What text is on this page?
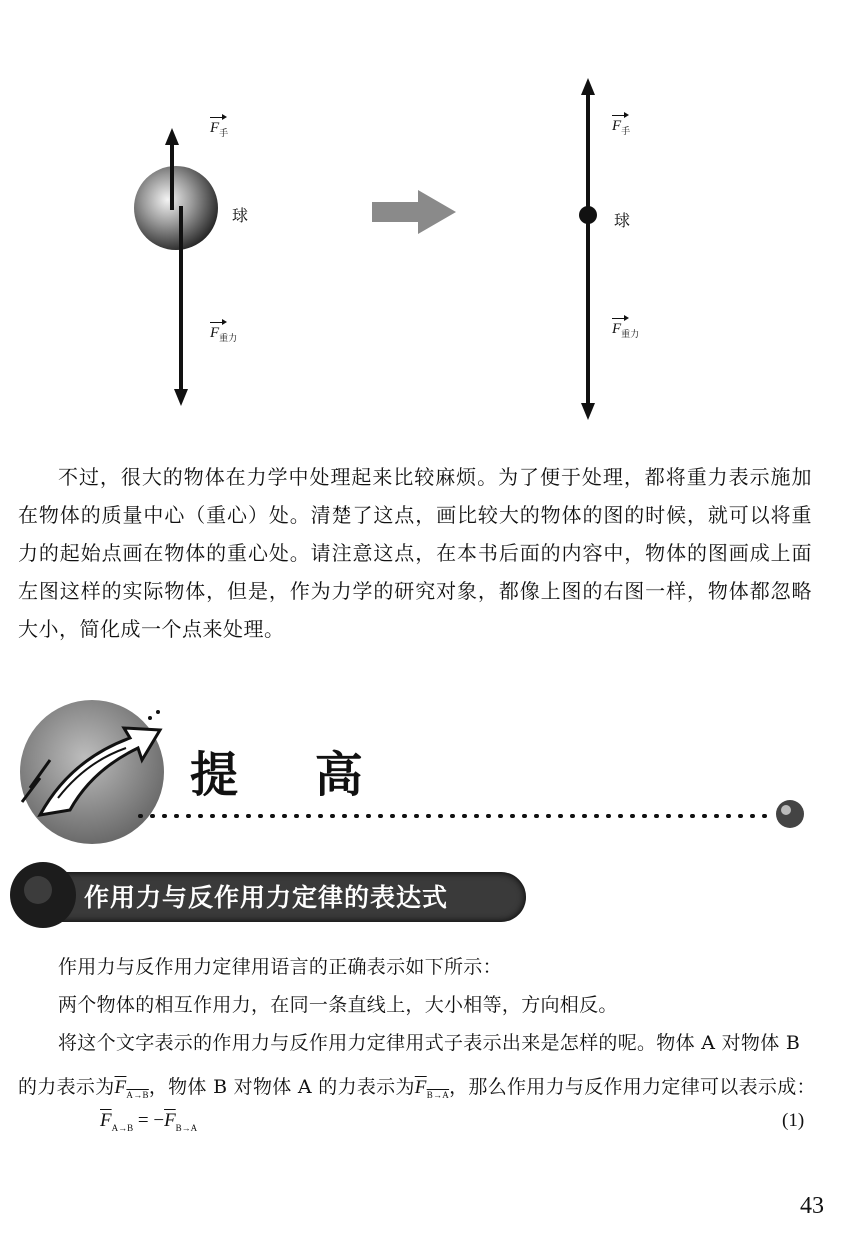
$F_手$
球
$F_{重力}$
$F_手$
球
$F_{重力}$

不过，很大的物体在力学中处理起来比较麻烦。为了便于处理，都将重力表示施加在物体的质量中心（重心）处。清楚了这点，画比较大的物体的图的时候，就可以将重力的起始点画在物体的重心处。请注意这点，在本书后面的内容中，物体的图画成上面左图这样的实际物体，但是，作为力学的研究对象，都像上图的右图一样，物体都忽略大小，简化成一个点来处理。

提 高
作用力与反作用力定律的表达式
作用力与反作用力定律用语言的正确表示如下所示：
两个物体的相互作用力，在同一条直线上，大小相等，方向相反。
将这个文字表示的作用力与反作用力定律用式子表示出来是怎样的呢。物体 A 对物体 B
的力表示为$F_{A\to B}$，物体 B 对物体 A 的力表示为$F_{B\to A}$，那么作用力与反作用力定律可以表示成：
$\overline{F}_{A\to B} = -\overline{F}_{B\to A}$	(1)
43
